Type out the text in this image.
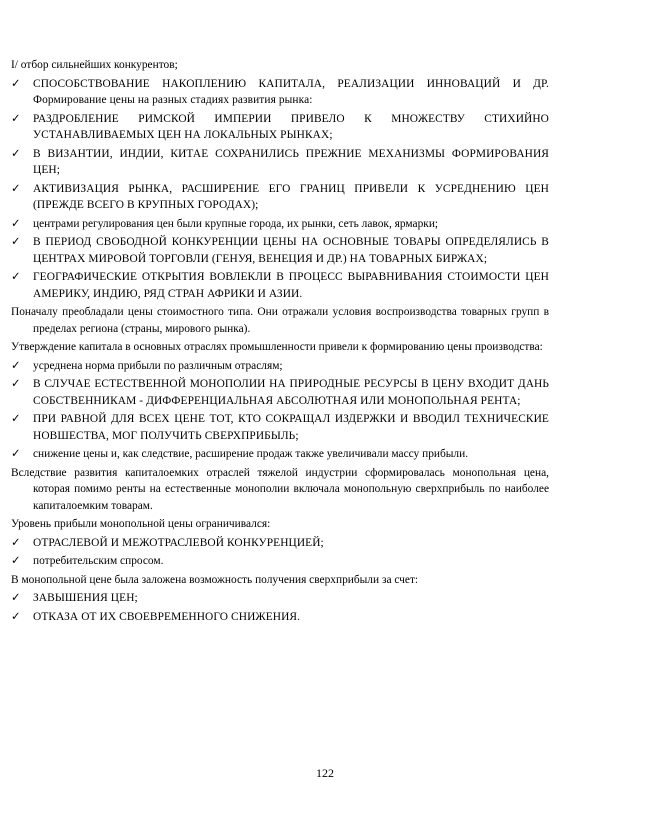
I/ отбор сильнейших конкурентов;

✓	СПОСОБСТВОВАНИЕ НАКОПЛЕНИЮ КАПИТАЛА, РЕАЛИЗАЦИИ ИННОВАЦИЙ И ДР. Формирование цены на разных стадиях развития рынка:
✓	РАЗДРОБЛЕНИЕ РИМСКОЙ ИМПЕРИИ ПРИВЕЛО К МНОЖЕСТВУ СТИХИЙНО УСТАНАВЛИВАЕМЫХ ЦЕН НА ЛОКАЛЬНЫХ РЫНКАХ;
✓	В ВИЗАНТИИ, ИНДИИ, КИТАЕ СОХРАНИЛИСЬ ПРЕЖНИЕ МЕХАНИЗМЫ ФОРМИРОВАНИЯ ЦЕН;
✓	АКТИВИЗАЦИЯ РЫНКА, РАСШИРЕНИЕ ЕГО ГРАНИЦ ПРИВЕЛИ К УСРЕДНЕНИЮ ЦЕН (ПРЕЖДЕ ВСЕГО В КРУПНЫХ ГОРОДАХ);
✓	центрами регулирования цен были крупные города, их рынки, сеть лавок, ярмарки;
✓	В ПЕРИОД СВОБОДНОЙ КОНКУРЕНЦИИ ЦЕНЫ НА ОСНОВНЫЕ ТОВАРЫ ОПРЕДЕЛЯЛИСЬ В ЦЕНТРАХ МИРОВОЙ ТОРГОВЛИ (ГЕНУЯ, ВЕНЕЦИЯ И ДР.) НА ТОВАРНЫХ БИРЖАХ;
✓	ГЕОГРАФИЧЕСКИЕ ОТКРЫТИЯ ВОВЛЕКЛИ В ПРОЦЕСС ВЫРАВНИВАНИЯ СТОИМОСТИ ЦЕН АМЕРИКУ, ИНДИЮ, РЯД СТРАН АФРИКИ И АЗИИ.

Поначалу преобладали цены стоимостного типа. Они отражали условия воспроизводства товарных групп в пределах региона (страны, мирового рынка).

Утверждение капитала в основных отраслях промышленности привели к формированию цены производства:

✓	усреднена норма прибыли по различным отраслям;
✓	В СЛУЧАЕ ЕСТЕСТВЕННОЙ МОНОПОЛИИ НА ПРИРОДНЫЕ РЕСУРСЫ В ЦЕНУ ВХОДИТ ДАНЬ СОБСТВЕННИКАМ - ДИФФЕРЕНЦИАЛЬНАЯ АБСОЛЮТНАЯ ИЛИ МОНОПОЛЬНАЯ РЕНТА;
✓	ПРИ РАВНОЙ ДЛЯ ВСЕХ ЦЕНЕ ТОТ, КТО СОКРАЩАЛ ИЗДЕРЖКИ И ВВОДИЛ ТЕХНИЧЕСКИЕ НОВШЕСТВА, МОГ ПОЛУЧИТЬ СВЕРХПРИБЫЛЬ;
✓	снижение цены и, как следствие, расширение продаж также увеличивали массу прибыли.

Вследствие развития капиталоемких отраслей тяжелой индустрии сформировалась монопольная цена, которая помимо ренты на естественные монополии включала монопольную сверхприбыль по наиболее капиталоемким товарам.

Уровень прибыли монопольной цены ограничивался:

✓	ОТРАСЛЕВОЙ И МЕЖОТРАСЛЕВОЙ КОНКУРЕНЦИЕЙ;
✓	потребительским спросом.

В монопольной цене была заложена возможность получения сверхприбыли за счет:

✓	ЗАВЫШЕНИЯ ЦЕН;
✓	ОТКАЗА ОТ ИХ СВОЕВРЕМЕННОГО СНИЖЕНИЯ.
122
